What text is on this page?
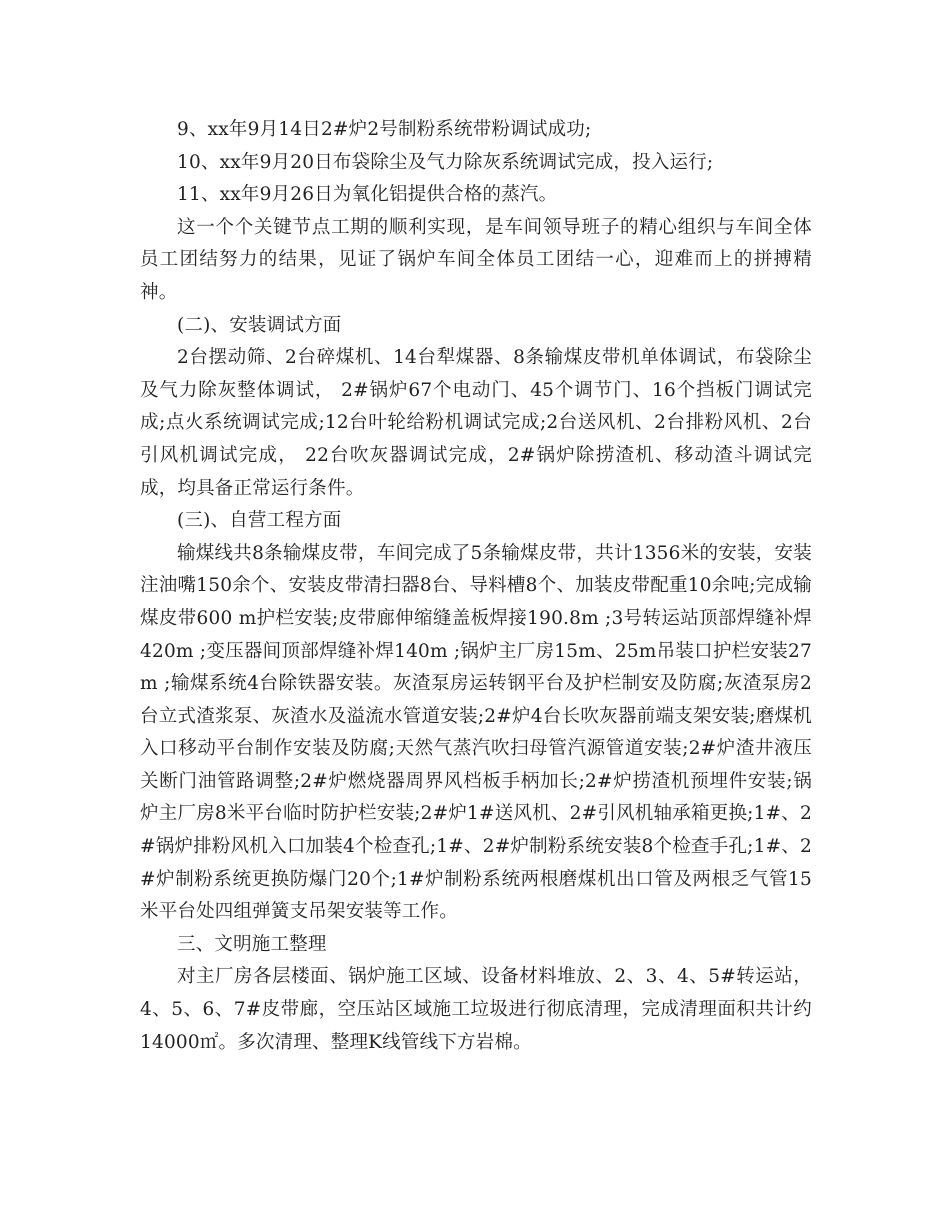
9、xx年9月14日2#炉2号制粉系统带粉调试成功;

10、xx年9月20日布袋除尘及气力除灰系统调试完成，投入运行;

11、xx年9月26日为氧化铝提供合格的蒸汽。

这一个个关键节点工期的顺利实现，是车间领导班子的精心组织与车间全体员工团结努力的结果，见证了锅炉车间全体员工团结一心，迎难而上的拼搏精神。

(二)、安装调试方面

2台摆动筛、2台碎煤机、14台犁煤器、8条输煤皮带机单体调试，布袋除尘及气力除灰整体调试， 2#锅炉67个电动门、45个调节门、16个挡板门调试完成;点火系统调试完成;12台叶轮给粉机调试完成;2台送风机、2台排粉风机、2台引风机调试完成， 22台吹灰器调试完成，2#锅炉除捞渣机、移动渣斗调试完成，均具备正常运行条件。

(三)、自营工程方面

输煤线共8条输煤皮带，车间完成了5条输煤皮带，共计1356米的安装，安装注油嘴150余个、安装皮带清扫器8台、导料槽8个、加装皮带配重10余吨;完成输煤皮带600 m护栏安装;皮带廊伸缩缝盖板焊接190.8m ;3号转运站顶部焊缝补焊420m ;变压器间顶部焊缝补焊140m ;锅炉主厂房15m、25m吊装口护栏安装27 m ;输煤系统4台除铁器安装。灰渣泵房运转钢平台及护栏制安及防腐;灰渣泵房2台立式渣浆泵、灰渣水及溢流水管道安装;2#炉4台长吹灰器前端支架安装;磨煤机入口移动平台制作安装及防腐;天然气蒸汽吹扫母管汽源管道安装;2#炉渣井液压关断门油管路调整;2#炉燃烧器周界风档板手柄加长;2#炉捞渣机预埋件安装;锅炉主厂房8米平台临时防护栏安装;2#炉1#送风机、2#引风机轴承箱更换;1#、2#锅炉排粉风机入口加装4个检查孔;1#、2#炉制粉系统安装8个检查手孔;1#、2#炉制粉系统更换防爆门20个;1#炉制粉系统两根磨煤机出口管及两根乏气管15米平台处四组弹簧支吊架安装等工作。

三、文明施工整理

对主厂房各层楼面、锅炉施工区域、设备材料堆放、2、3、4、5#转运站，4、5、6、7#皮带廊，空压站区域施工垃圾进行彻底清理，完成清理面积共计约14000㎡。多次清理、整理K线管线下方岩棉。
